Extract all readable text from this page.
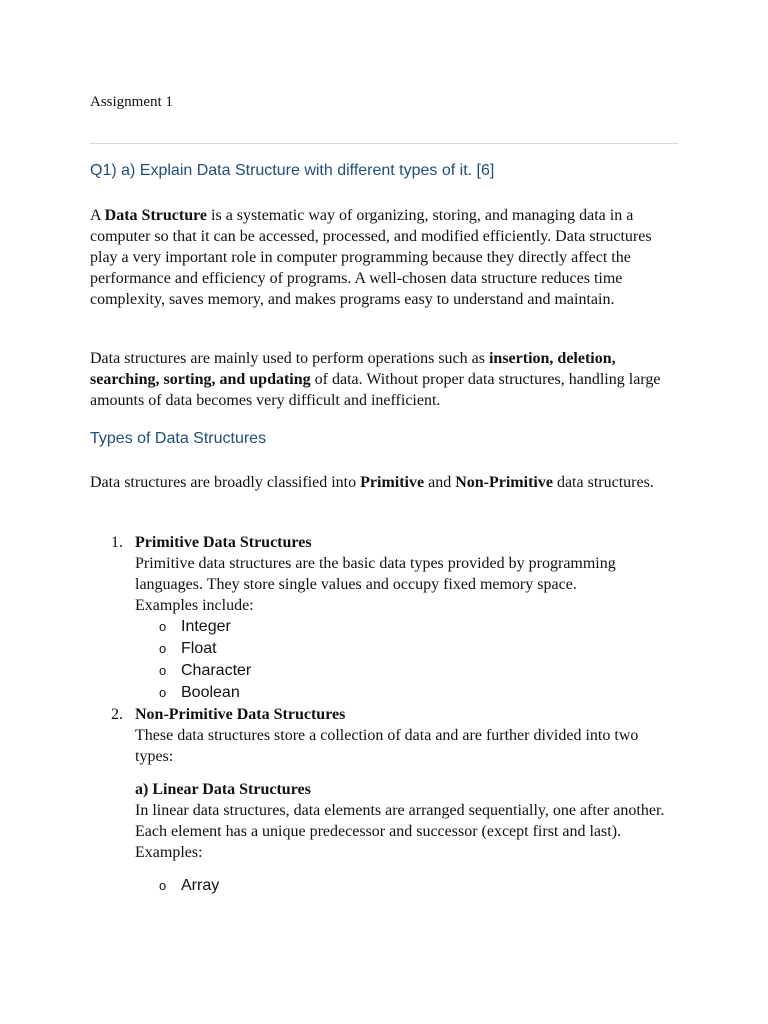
Assignment 1
Q1) a) Explain Data Structure with different types of it. [6]

A Data Structure is a systematic way of organizing, storing, and managing data in a computer so that it can be accessed, processed, and modified efficiently. Data structures play a very important role in computer programming because they directly affect the performance and efficiency of programs. A well-chosen data structure reduces time complexity, saves memory, and makes programs easy to understand and maintain.

Data structures are mainly used to perform operations such as insertion, deletion, searching, sorting, and updating of data. Without proper data structures, handling large amounts of data becomes very difficult and inefficient.

Types of Data Structures

Data structures are broadly classified into Primitive and Non-Primitive data structures.

1. Primitive Data Structures
Primitive data structures are the basic data types provided by programming languages. They store single values and occupy fixed memory space.
Examples include:
o Integer
o Float
o Character
o Boolean
2. Non-Primitive Data Structures
These data structures store a collection of data and are further divided into two types:
a) Linear Data Structures
In linear data structures, data elements are arranged sequentially, one after another. Each element has a unique predecessor and successor (except first and last).
Examples:
o Array
